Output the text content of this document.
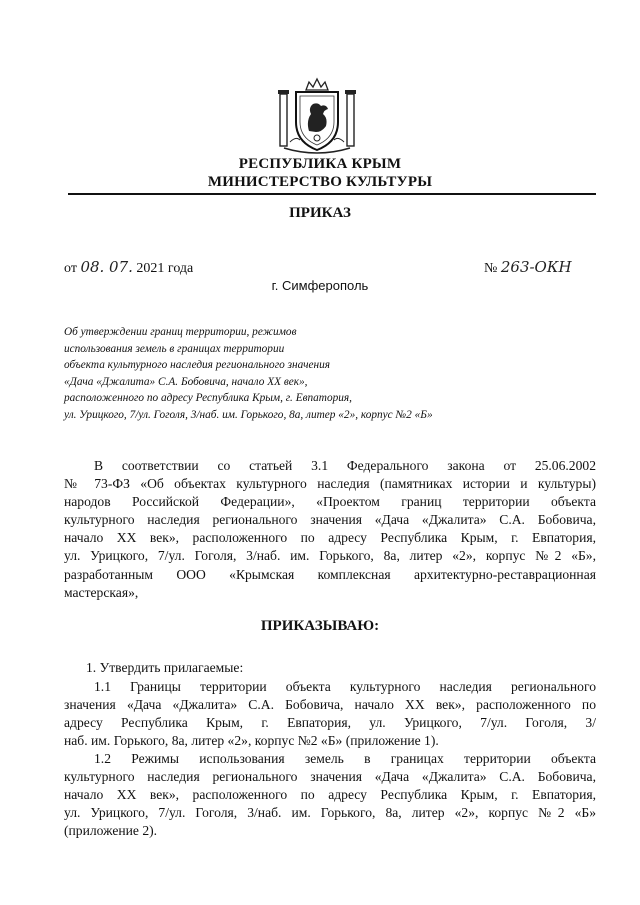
РЕСПУБЛИКА КРЫМ
МИНИСТЕРСТВО КУЛЬТУРЫ
ПРИКАЗ
от 08. 07. 2021 года	№ 263-ОКН
г. Симферополь
Об утверждении границ территории, режимов
использования земель в границах территории
объекта культурного наследия регионального значения
«Дача «Джалита» С.А. Бобовича, начало XX век»,
расположенного по адресу Республика Крым, г. Евпатория,
ул. Урицкого, 7/ул. Гоголя, 3/наб. им. Горького, 8а, литер «2», корпус №2 «Б»
В соответствии со статьей 3.1 Федерального закона от 25.06.2002
№ 73-ФЗ «Об объектах культурного наследия (памятниках истории и культуры)
народов Российской Федерации», «Проектом границ территории объекта
культурного наследия регионального значения «Дача «Джалита» С.А. Бобовича,
начало XX век», расположенного по адресу Республика Крым, г. Евпатория,
ул. Урицкого, 7/ул. Гоголя, 3/наб. им. Горького, 8а, литер «2», корпус №2 «Б»,
разработанным ООО «Крымская комплексная архитектурно-реставрационная
мастерская»,
ПРИКАЗЫВАЮ:
1. Утвердить прилагаемые:
1.1 Границы территории объекта культурного наследия регионального
значения «Дача «Джалита» С.А. Бобовича, начало XX век», расположенного по
адресу Республика Крым, г. Евпатория, ул. Урицкого, 7/ул. Гоголя, 3/
наб. им. Горького, 8а, литер «2», корпус №2 «Б» (приложение 1).
1.2 Режимы использования земель в границах территории объекта
культурного наследия регионального значения «Дача «Джалита» С.А. Бобовича,
начало XX век», расположенного по адресу Республика Крым, г. Евпатория,
ул. Урицкого, 7/ул. Гоголя, 3/наб. им. Горького, 8а, литер «2», корпус №2 «Б»
(приложение 2).
